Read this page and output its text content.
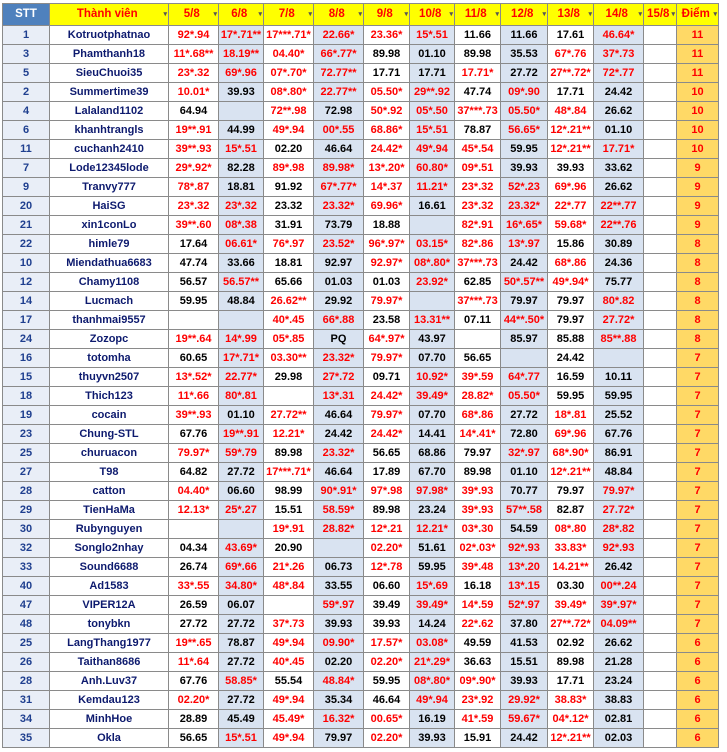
STT	Thành viên ▾	5/8 ▾	6/8 ▾	7/8 ▾	8/8 ▾	9/8 ▾	10/8 ▾	11/8 ▾	12/8 ▾	13/8 ▾	14/8 ▾	15/8 ▾	Điểm ▾

1	Kotruotphatnao	92*.94	17*.71**	17***.71*	22.66*	23.36*	15*.51	11.66	11.66	17.61	46.64*		11
3	Phamthanh18	11*.68**	18.19**	04.40*	66*.77*	89.98	01.10	89.98	35.53	67*.76	37*.73		11
5	SieuChuoi35	23*.32	69*.96	07*.70*	72.77**	17.71	17.71	17.71*	27.72	27**.72*	72*.77		11
2	Summertime39	10.01*	39.93	08*.80*	22.77**	05.50*	29**.92	47.74	09*.90	17.71	24.42		10
4	Lalaland1102	64.94		72**.98	72.98	50*.92	05*.50	37***.73	05.50*	48*.84	26.62		10
6	khanhtrangls	19**.91	44.99	49*.94	00*.55	68.86*	15*.51	78.87	56.65*	12*.21**	01.10		10
11	cuchanh2410	39**.93	15*.51	02.20	46.64	24.42*	49*.94	45*.54	59.95	12*.21**	17.71*		10
7	Lode12345lode	29*.92*	82.28	89*.98	89.98*	13*.20*	60.80*	09*.51	39.93	39.93	33.62		9
9	Tranvy777	78*.87	18.81	91.92	67*.77*	14*.37	11.21*	23*.32	52*.23	69*.96	26.62		9
20	HaiSG	23*.32	23*.32	23.32	23.32*	69.96*	16.61	23*.32	23.32*	22*.77	22**.77		9
21	xin1conLo	39**.60	08*.38	31.91	73.79	18.88		82*.91	16*.65*	59.68*	22**.76		9
22	himle79	17.64	06.61*	76*.97	23.52*	96*.97*	03.15*	82*.86	13*.97	15.86	30.89		8
10	Miendathua6683	47.74	33.66	18.81	92.97	92.97*	08*.80*	37***.73	24.42	68*.86	24.36		8
12	Chamy1108	56.57	56.57**	65.66	01.03	01.03	23.92*	62.85	50*.57**	49*.94*	75.77		8
14	Lucmach	59.95	48.84	26.62**	29.92	79.97*		37***.73	79.97	79.97	80*.82		8
17	thanhmai9557			40*.45	66*.88	23.58	13.31**	07.11	44**.50*	79.97	27.72*		8
24	Zozopc	19**.64	14*.99	05*.85	PQ	64*.97*	43.97		85.97	85.88	85**.88		8
16	totomha	60.65	17*.71*	03.30**	23.32*	79.97*	07.70	56.65		24.42			7
15	thuyvn2507	13*.52*	22.77*	29.98	27*.72	09.71	10.92*	39*.59	64*.77	16.59	10.11		7
18	Thich123	11*.66	80*.81		13*.31	24.42*	39.49*	28.82*	05.50*	59.95	59.95		7
19	cocain	39**.93	01.10	27.72**	46.64	79.97*	07.70	68*.86	27.72	18*.81	25.52		7
23	Chung-STL	67.76	19**.91	12.21*	24.42	24.42*	14.41	14*.41*	72.80	69*.96	67.76		7
25	churuacon	79.97*	59*.79	89.98	23.32*	56.65	68.86	79.97	32*.97	68*.90*	86.91		7
27	T98	64.82	27.72	17***.71*	46.64	17.89	67.70	89.98	01.10	12*.21**	48.84		7
28	catton	04.40*	06.60	98.99	90*.91*	97*.98	97.98*	39*.93	70.77	79.97	79.97*		7
29	TienHaMa	12.13*	25*.27	15.51	58.59*	89.98	23.24	39*.93	57**.58	82.87	27.72*		7
30	Rubynguyen			19*.91	28.82*	12*.21	12.21*	03*.30	54.59	08*.80	28*.82		7
32	Songlo2nhay	04.34	43.69*	20.90		02.20*	51.61	02*.03*	92*.93	33.83*	92*.93		7
33	Sound6688	26.74	69*.66	21*.26	06.73	12*.78	59.95	39*.48	13*.20	14.21**	26.42		7
40	Ad1583	33*.55	34.80*	48*.84	33.55	06.60	15*.69	16.18	13*.15	03.30	00**.24		7
47	VIPER12A	26.59	06.07		59*.97	39.49	39.49*	14*.59	52*.97	39.49*	39*.97*		7
48	tonybkn	27.72	27.72	37*.73	39.93	39.93	14.24	22*.62	37.80	27**.72*	04.09**		7
25	LangThang1977	19**.65	78.87	49*.94	09.90*	17.57*	03.08*	49.59	41.53	02.92	26.62		6
26	Taithan8686	11*.64	27.72	40*.45	02.20	02.20*	21*.29*	36.63	15.51	89.98	21.28		6
28	Anh.Luv37	67.76	58.85*	55.54	48.84*	59.95	08*.80*	09*.90*	39.93	17.71	23.24		6
31	Kemdau123	02.20*	27.72	49*.94	35.34	46.64	49*.94	23*.92	29.92*	38.83*	38.83		6
34	MinhHoe	28.89	45.49	45.49*	16.32*	00.65*	16.19	41*.59	59.67*	04*.12*	02.81		6
35	Okla	56.65	15*.51	49*.94	79.97	02.20*	39.93	15.91	24.42	12*.21**	02.03		6
